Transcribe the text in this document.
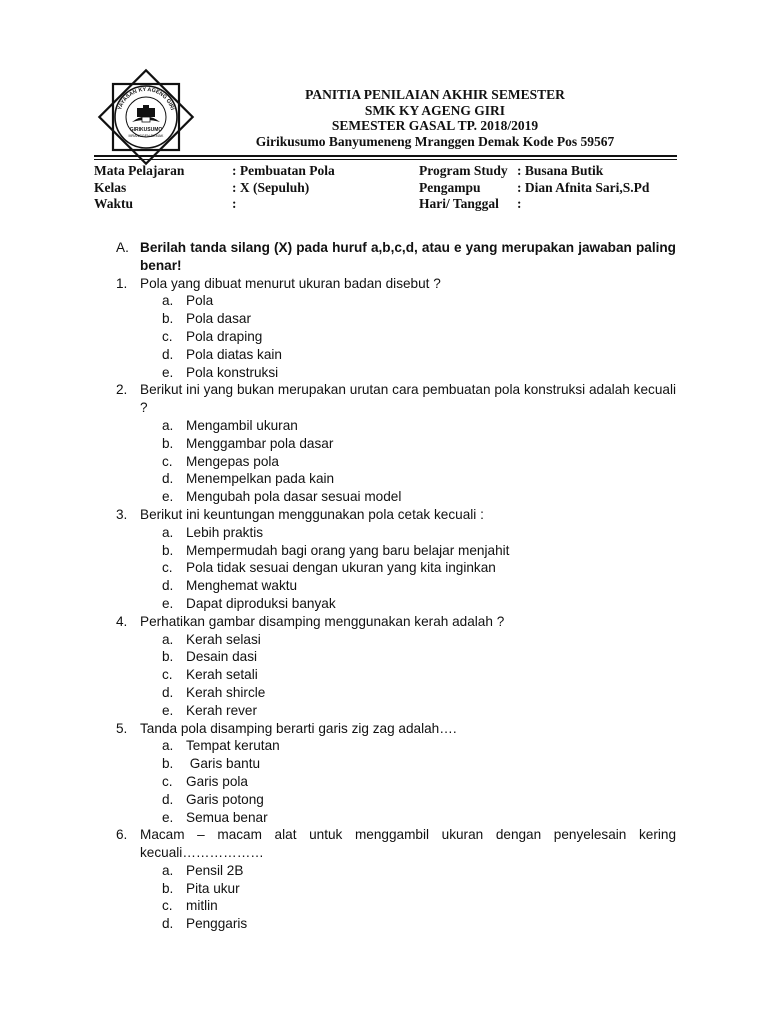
YAYASAN KY AGENG GIRI
GIRIKUSUMO
MRANGGEN DEMAK
PANITIA PENILAIAN AKHIR SEMESTER
SMK KY AGENG GIRI
SEMESTER GASAL TP. 2018/2019
Girikusumo Banyumeneng Mranggen Demak Kode Pos 59567
Mata Pelajaran
Kelas
Waktu
: Pembuatan Pola
: X (Sepuluh)
:
Program Study
Pengampu
Hari/ Tanggal
: Busana Butik
: Dian Afnita Sari,S.Pd
:
A. Berilah tanda silang (X) pada huruf a,b,c,d, atau e yang merupakan jawaban paling benar!
1. Pola yang dibuat menurut ukuran badan disebut ?
a. Pola
b. Pola dasar
c. Pola draping
d. Pola diatas kain
e. Pola konstruksi
2. Berikut ini yang bukan merupakan urutan cara pembuatan pola konstruksi adalah kecuali ?
a. Mengambil ukuran
b. Menggambar pola dasar
c. Mengepas pola
d. Menempelkan pada kain
e. Mengubah pola dasar sesuai model
3. Berikut ini keuntungan menggunakan pola cetak kecuali :
a. Lebih praktis
b. Mempermudah bagi orang yang baru belajar menjahit
c. Pola tidak sesuai dengan ukuran yang kita inginkan
d. Menghemat waktu
e. Dapat diproduksi banyak
4. Perhatikan gambar disamping menggunakan kerah adalah ?
a. Kerah selasi
b. Desain dasi
c. Kerah setali
d. Kerah shircle
e. Kerah rever
5. Tanda pola disamping berarti garis zig zag adalah….
a. Tempat kerutan
b. Garis bantu
c. Garis pola
d. Garis potong
e. Semua benar
6. Macam – macam alat untuk menggambil ukuran dengan penyelesain kering kecuali………………
a. Pensil 2B
b. Pita ukur
c. mitlin
d. Penggaris
